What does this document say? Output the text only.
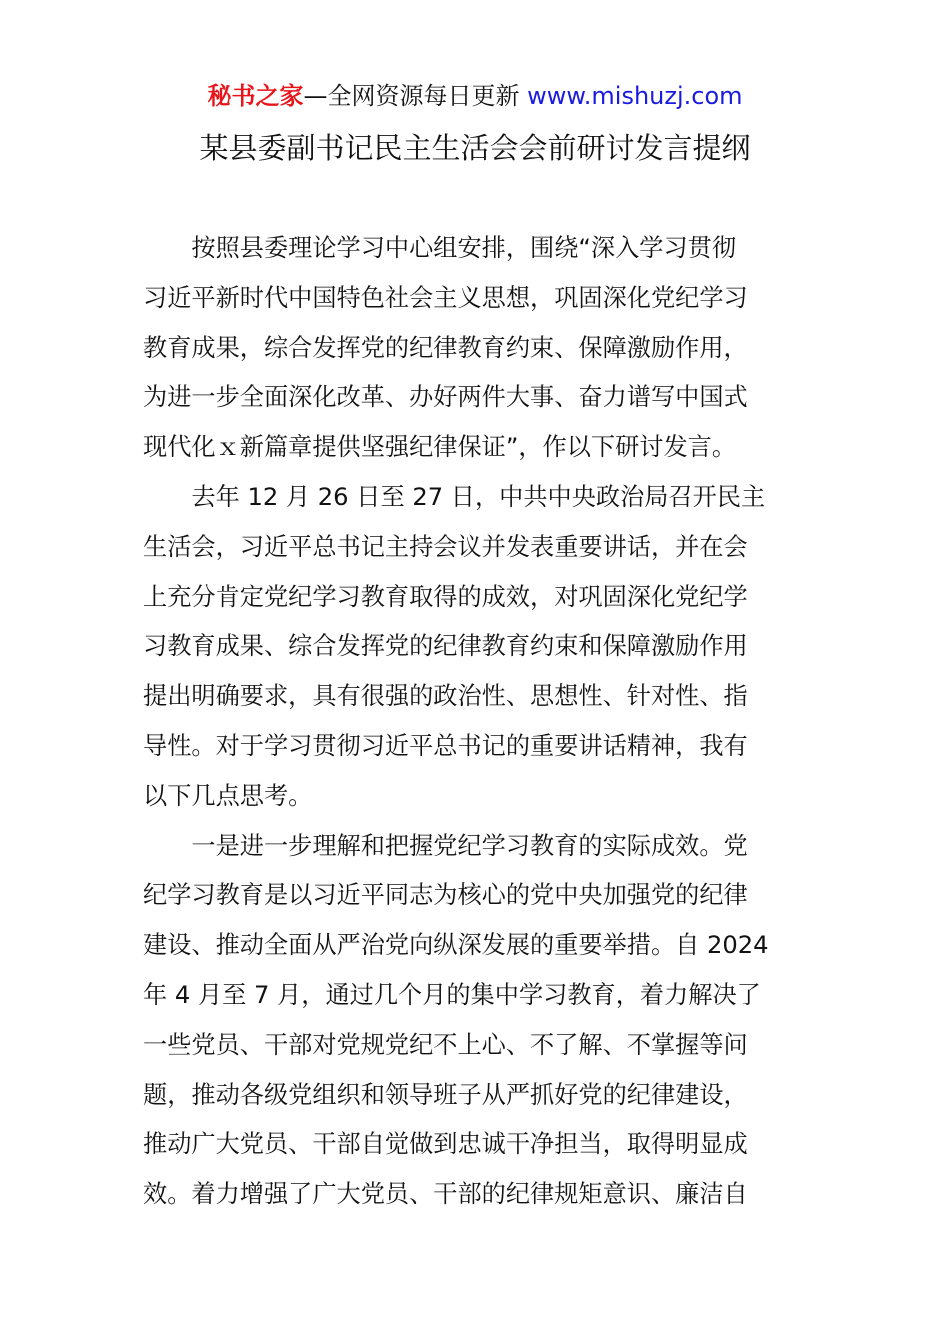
秘书之家—全网资源每日更新 www.mishuzj.com
某县委副书记民主生活会会前研讨发言提纲

按照县委理论学习中心组安排，围绕“深入学习贯彻
习近平新时代中国特色社会主义思想，巩固深化党纪学习
教育成果，综合发挥党的纪律教育约束、保障激励作用，
为进一步全面深化改革、办好两件大事、奋力谱写中国式
现代化ｘ新篇章提供坚强纪律保证”，作以下研讨发言。

去年 12 月 26 日至 27 日，中共中央政治局召开民主
生活会，习近平总书记主持会议并发表重要讲话，并在会
上充分肯定党纪学习教育取得的成效，对巩固深化党纪学
习教育成果、综合发挥党的纪律教育约束和保障激励作用
提出明确要求，具有很强的政治性、思想性、针对性、指
导性。对于学习贯彻习近平总书记的重要讲话精神，我有
以下几点思考。

一是进一步理解和把握党纪学习教育的实际成效。党
纪学习教育是以习近平同志为核心的党中央加强党的纪律
建设、推动全面从严治党向纵深发展的重要举措。自 2024
年 4 月至 7 月，通过几个月的集中学习教育，着力解决了
一些党员、干部对党规党纪不上心、不了解、不掌握等问
题，推动各级党组织和领导班子从严抓好党的纪律建设，
推动广大党员、干部自觉做到忠诚干净担当，取得明显成
效。着力增强了广大党员、干部的纪律规矩意识、廉洁自
